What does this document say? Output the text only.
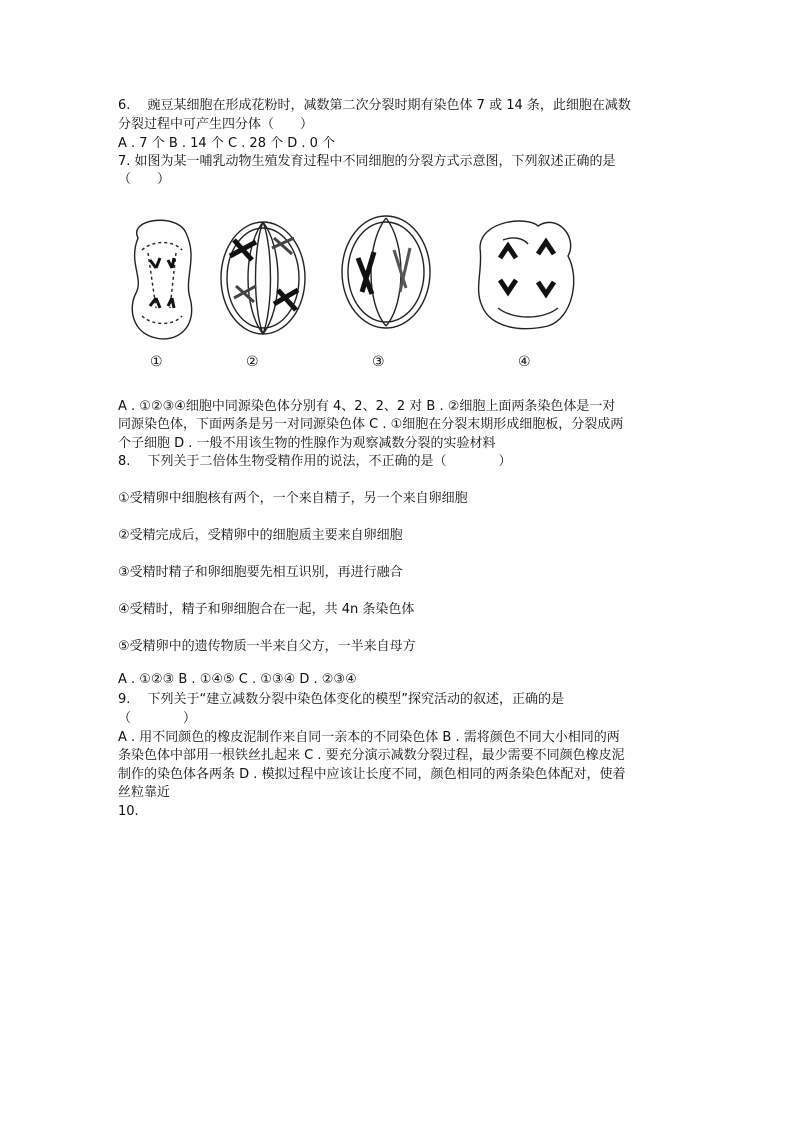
6.　 豌豆某细胞在形成花粉时，减数第二次分裂时期有染色体 7 或 14 条，此细胞在减数
分裂过程中可产生四分体（　　）
A . 7 个 B . 14 个 C . 28 个 D . 0 个
7. 如图为某一哺乳动物生殖发育过程中不同细胞的分裂方式示意图，下列叙述正确的是
（　　）
①	②	③	④
A . ①②③④细胞中同源染色体分别有 4、2、2、2 对 B . ②细胞上面两条染色体是一对
同源染色体，下面两条是另一对同源染色体 C . ①细胞在分裂末期形成细胞板，分裂成两
个子细胞 D . 一般不用该生物的性腺作为观察减数分裂的实验材料
8.　 下列关于二倍体生物受精作用的说法，不正确的是（　　　　）
①受精卵中细胞核有两个，一个来自精子，另一个来自卵细胞
②受精完成后，受精卵中的细胞质主要来自卵细胞
③受精时精子和卵细胞要先相互识别，再进行融合
④受精时，精子和卵细胞合在一起，共 4n 条染色体
⑤受精卵中的遗传物质一半来自父方，一半来自母方
A . ①②③ B . ①④⑤ C . ①③④ D . ②③④
9.　 下列关于“建立减数分裂中染色体变化的模型”探究活动的叙述，正确的是
（　　　　）
A . 用不同颜色的橡皮泥制作来自同一亲本的不同染色体 B . 需将颜色不同大小相同的两
条染色体中部用一根铁丝扎起来 C . 要充分演示减数分裂过程，最少需要不同颜色橡皮泥
制作的染色体各两条 D . 模拟过程中应该让长度不同，颜色相同的两条染色体配对，使着
丝粒靠近
10.
